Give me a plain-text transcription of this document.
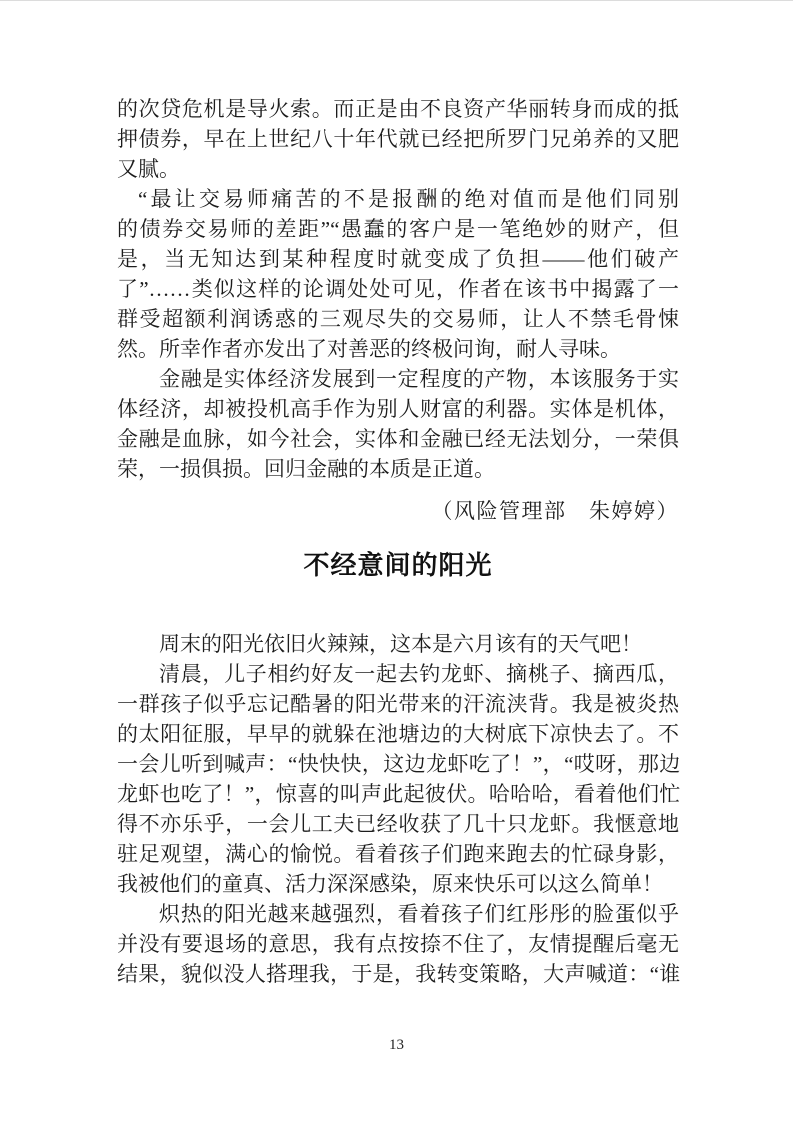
的次贷危机是导火索。而正是由不良资产华丽转身而成的抵
押债券，早在上世纪八十年代就已经把所罗门兄弟养的又肥
又腻。
“最让交易师痛苦的不是报酬的绝对值而是他们同别
的债券交易师的差距”“愚蠢的客户是一笔绝妙的财产，但
是，当无知达到某种程度时就变成了负担——他们破产
了”……类似这样的论调处处可见，作者在该书中揭露了一
群受超额利润诱惑的三观尽失的交易师，让人不禁毛骨悚
然。所幸作者亦发出了对善恶的终极问询，耐人寻味。
金融是实体经济发展到一定程度的产物，本该服务于实
体经济，却被投机高手作为别人财富的利器。实体是机体，
金融是血脉，如今社会，实体和金融已经无法划分，一荣俱
荣，一损俱损。回归金融的本质是正道。
（风险管理部　朱婷婷）
不经意间的阳光
周末的阳光依旧火辣辣，这本是六月该有的天气吧！
清晨，儿子相约好友一起去钓龙虾、摘桃子、摘西瓜，
一群孩子似乎忘记酷暑的阳光带来的汗流浃背。我是被炎热
的太阳征服，早早的就躲在池塘边的大树底下凉快去了。不
一会儿听到喊声：“快快快，这边龙虾吃了！”，“哎呀，那边
龙虾也吃了！”，惊喜的叫声此起彼伏。哈哈哈，看着他们忙
得不亦乐乎，一会儿工夫已经收获了几十只龙虾。我惬意地
驻足观望，满心的愉悦。看着孩子们跑来跑去的忙碌身影，
我被他们的童真、活力深深感染，原来快乐可以这么简单！
炽热的阳光越来越强烈，看着孩子们红彤彤的脸蛋似乎
并没有要退场的意思，我有点按捺不住了，友情提醒后毫无
结果，貌似没人搭理我，于是，我转变策略，大声喊道：“谁
13
